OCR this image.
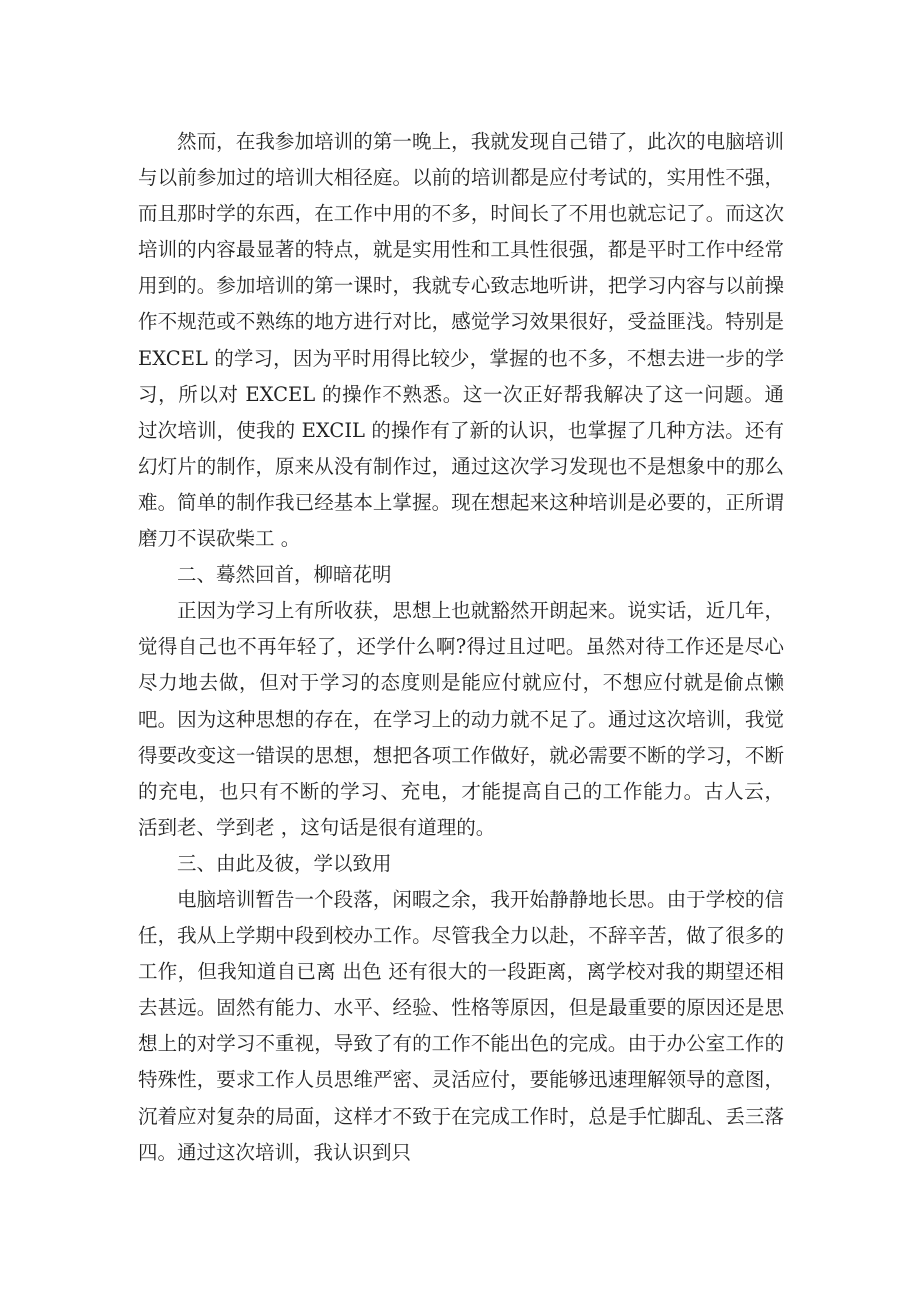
然而，在我参加培训的第一晚上，我就发现自己错了，此次的电脑培训与以前参加过的培训大相径庭。以前的培训都是应付考试的，实用性不强，而且那时学的东西，在工作中用的不多，时间长了不用也就忘记了。而这次培训的内容最显著的特点，就是实用性和工具性很强，都是平时工作中经常用到的。参加培训的第一课时，我就专心致志地听讲，把学习内容与以前操作不规范或不熟练的地方进行对比，感觉学习效果很好，受益匪浅。特别是 EXCEL 的学习，因为平时用得比较少，掌握的也不多，不想去进一步的学习，所以对 EXCEL 的操作不熟悉。这一次正好帮我解决了这一问题。通过次培训，使我的 EXCIL 的操作有了新的认识，也掌握了几种方法。还有幻灯片的制作，原来从没有制作过，通过这次学习发现也不是想象中的那么难。简单的制作我已经基本上掌握。现在想起来这种培训是必要的，正所谓 磨刀不误砍柴工 。

二、蓦然回首，柳暗花明

正因为学习上有所收获，思想上也就豁然开朗起来。说实话，近几年，觉得自己也不再年轻了，还学什么啊?得过且过吧。虽然对待工作还是尽心尽力地去做，但对于学习的态度则是能应付就应付，不想应付就是偷点懒吧。因为这种思想的存在，在学习上的动力就不足了。通过这次培训，我觉得要改变这一错误的思想，想把各项工作做好，就必需要不断的学习，不断的充电，也只有不断的学习、充电，才能提高自己的工作能力。古人云， 活到老、学到老 ，这句话是很有道理的。

三、由此及彼，学以致用

电脑培训暂告一个段落，闲暇之余，我开始静静地长思。由于学校的信任，我从上学期中段到校办工作。尽管我全力以赴，不辞辛苦，做了很多的工作，但我知道自已离 出色 还有很大的一段距离，离学校对我的期望还相去甚远。固然有能力、水平、经验、性格等原因，但是最重要的原因还是思想上的对学习不重视，导致了有的工作不能出色的完成。由于办公室工作的特殊性，要求工作人员思维严密、灵活应付，要能够迅速理解领导的意图，沉着应对复杂的局面，这样才不致于在完成工作时，总是手忙脚乱、丢三落四。通过这次培训，我认识到只
